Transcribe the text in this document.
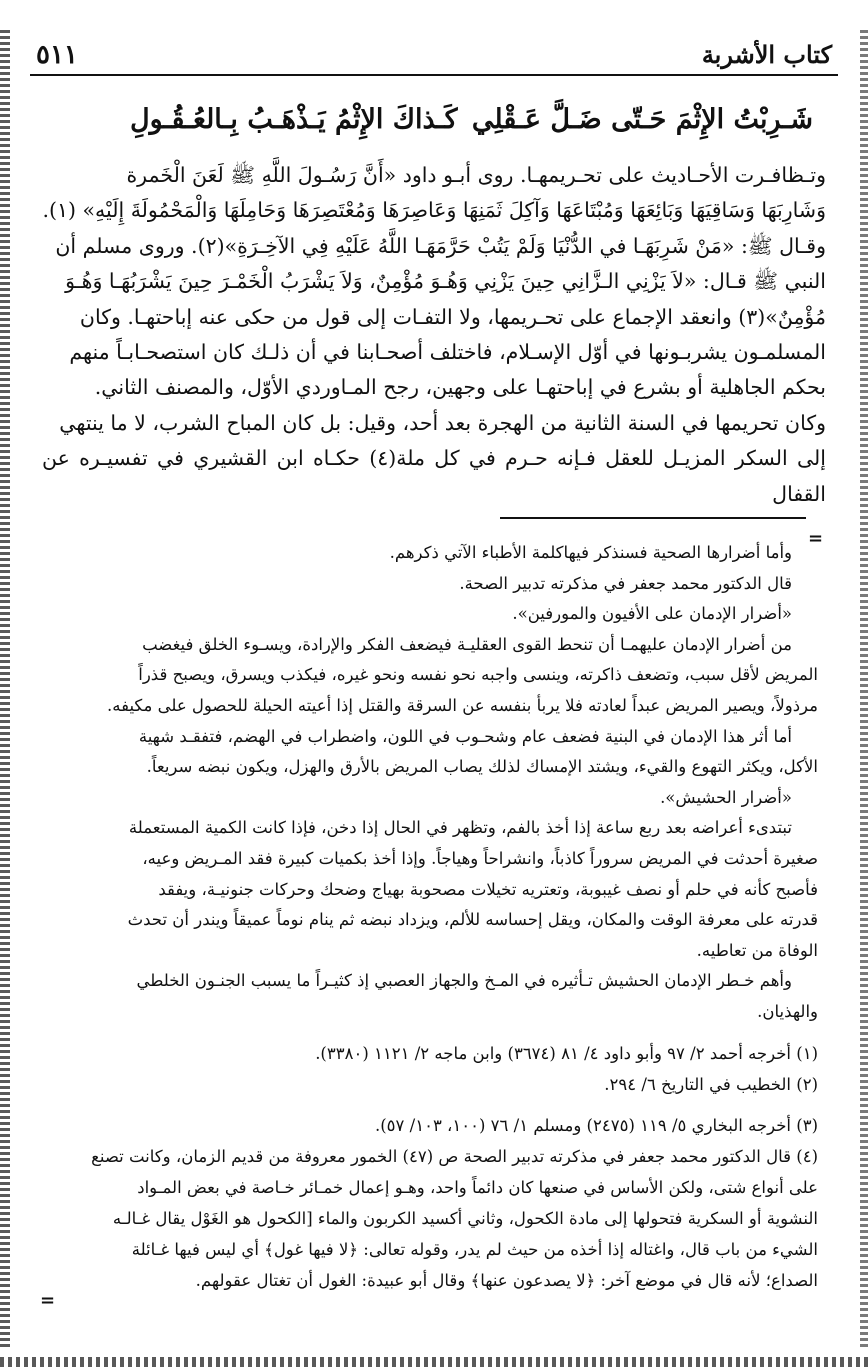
٥١١	كتاب الأشربة
شَـرِبْتُ الإِثْمَ حَـتّى ضَـلَّ عَـقْلِي
كَـذاكَ الإِثْمُ يَـذْهَـبُ بِـالعُـقُـولِ

وتـظافـرت الأحـاديث على تحـريمهـا. روى أبـو داود «أَنَّ رَسُـولَ اللَّهِ ﷺ لَعَنَ الْخَمرة

وَشَارِبَهَا وَسَاقِيَهَا وَبَائِعَهَا وَمُبْتَاعَهَا وَآكِلَ ثَمَنِهَا وَعَاصِرَهَا وَمُعْتَصِرَهَا وَحَامِلَهَا وَالْمَحْمُولَةَ إِلَيْهِ» (١).

وقـال ﷺ: «مَنْ شَرِبَهَـا في الدُّنْيَا وَلَمْ يَتُبْ حَرَّمَهَـا اللَّهُ عَلَيْهِ فِي الآخِـرَةِ»(٢). وروى مسلم أن

النبي ﷺ قـال: «لاَ يَزْنِي الـزَّانِي حِينَ يَزْنِي وَهُـوَ مُؤْمِنٌ، وَلاَ يَشْرَبُ الْخَمْـرَ حِينَ يَشْرَبُهَـا وَهُـوَ

مُؤْمِنٌ»(٣) وانعقد الإجماع على تحـريمها، ولا التفـات إلى قول من حكى عنه إباحتهـا. وكان

المسلمـون يشربـونها في أوّل الإسـلام، فاختلف أصحـابنا في أن ذلـك كان استصحـابـاً منهم

بحكم الجاهلية أو بشرع في إباحتهـا على وجهين، رجح المـاوردي الأوّل، والمصنف الثاني.

وكان تحريمها في السنة الثانية من الهجرة بعد أحد، وقيل: بل كان المباح الشرب، لا ما ينتهي

إلى السكر المزيـل للعقل فـإنه حـرم في كل ملة(٤) حكـاه ابن القشيري في تفسيـره عن القفال

=

وأما أضرارها الصحية فسنذكر فيهاكلمة الأطباء الآتي ذكرهم.

قال الدكتور محمد جعفر في مذكرته تدبير الصحة.

«أضرار الإدمان على الأفيون والمورفين».

من أضرار الإدمان عليهمـا أن تنحط القوى العقليـة فيضعف الفكر والإرادة، ويسـوء الخلق فيغضب

المريض لأقل سبب، وتضعف ذاكرته، وينسى واجبه نحو نفسه ونحو غيره، فيكذب ويسرق، ويصبح قذراً

مرذولاً، ويصير المريض عبداً لعادته فلا يربأ بنفسه عن السرقة والقتل إذا أعيته الحيلة للحصول على مكيفه.

أما أثر هذا الإدمان في البنية فضعف عام وشحـوب في اللون، واضطراب في الهضم، فتفقـد شهية

الأكل، ويكثر التهوع والقيء، ويشتد الإمساك لذلك يصاب المريض بالأرق والهزل، ويكون نبضه سريعاً.

«أضرار الحشيش».

تبتدىء أعراضه بعد ربع ساعة إذا أخذ بالفم، وتظهر في الحال إذا دخن، فإذا كانت الكمية المستعملة

صغيرة أحدثت في المريض سروراً كاذباً، وانشراحاً وهياجاً. وإذا أخذ بكميات كبيرة فقد المـريض وعيه،

فأصبح كأنه في حلم أو نصف غيبوبة، وتعتريه تخيلات مصحوبة بهياج وضحك وحركات جنونيـة، ويفقد

قدرته على معرفة الوقت والمكان، ويقل إحساسه للألم، ويزداد نبضه ثم ينام نوماً عميقاً ويندر أن تحدث

الوفاة من تعاطيه.

وأهم خـطر الإدمان الحشيش تـأثيره في المـخ والجهاز العصبي إذ كثيـراً ما يسبب الجنـون الخلطي

والهذيان.

(١) أخرجه أحمد ٢/ ٩٧ وأبو داود ٤/ ٨١ (٣٦٧٤) وابن ماجه ٢/ ١١٢١ (٣٣٨٠).

(٢) الخطيب في التاريخ ٦/ ٢٩٤.

(٣) أخرجه البخاري ٥/ ١١٩ (٢٤٧٥) ومسلم ١/ ٧٦ (١٠٠، ١٠٣/ ٥٧).

(٤) قال الدكتور محمد جعفر في مذكرته تدبير الصحة ص (٤٧) الخمور معروفة من قديم الزمان، وكانت تصنع

على أنواع شتى، ولكن الأساس في صنعها كان دائماً واحد، وهـو إعمال خمـائر خـاصة في بعض المـواد

النشوية أو السكرية فتحولها إلى مادة الكحول، وثاني أكسيد الكربون والماء [الكحول هو الغَوْل يقال غـالـه

الشيء من باب قال، واغتاله إذا أخذه من حيث لم يدر، وقوله تعالى: ﴿لا فيها غول﴾ أي ليس فيها غـائلة

الصداع؛ لأنه قال في موضع آخر: ﴿لا يصدعون عنها﴾ وقال أبو عبيدة: الغول أن تغتال عقولهم.

=
